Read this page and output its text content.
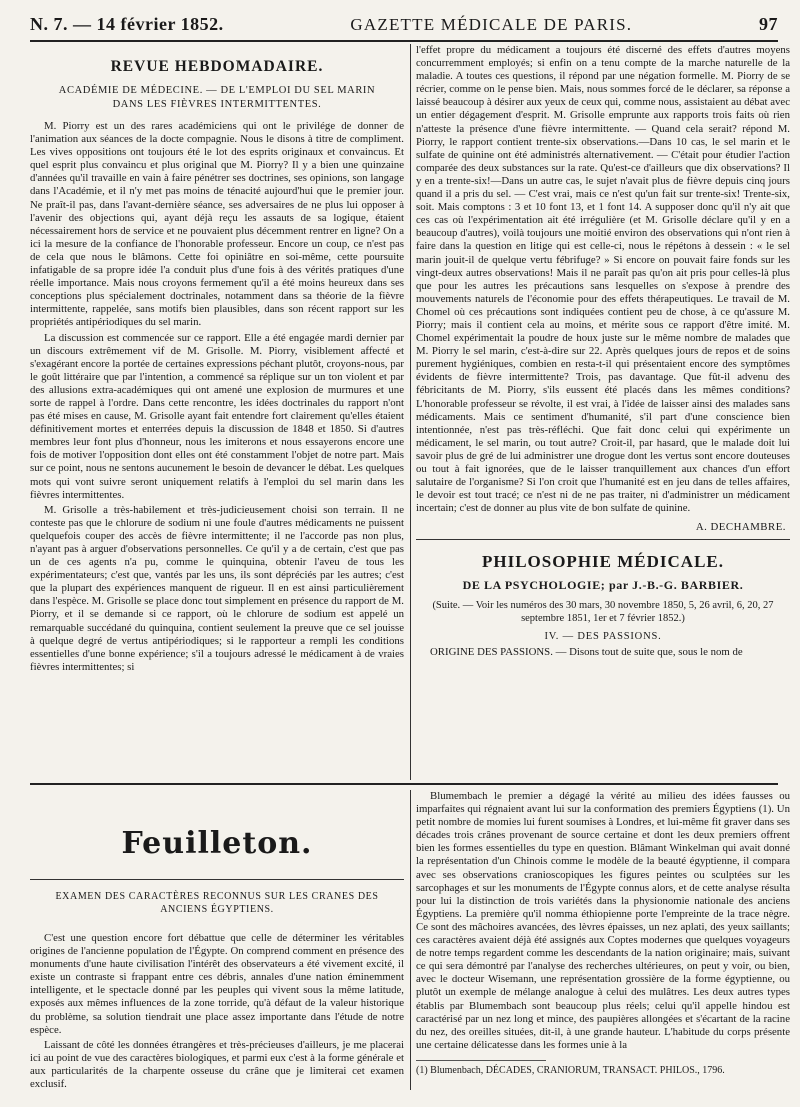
N. 7. — 14 février 1852.	GAZETTE MÉDICALE DE PARIS.	97
REVUE HEBDOMADAIRE.
ACADÉMIE DE MÉDECINE. — DE L'EMPLOI DU SEL MARIN
DANS LES FIÈVRES INTERMITTENTES.

M. Piorry est un des rares académiciens qui ont le privilége de donner de l'animation aux séances de la docte compagnie. Nous le disons à titre de compliment. Les vives oppositions ont toujours été le lot des esprits originaux et convaincus. Et quel esprit plus convaincu et plus original que M. Piorry? Il y a bien une quinzaine d'années qu'il travaille en vain à faire pénétrer ses doctrines, ses opinions, son langage dans l'Académie, et il n'y met pas moins de ténacité aujourd'hui que le premier jour. Ne praît-il pas, dans l'avant-dernière séance, ses adversaires de ne plus lui opposer à l'avenir des objections qui, ayant déjà reçu les assauts de sa logique, étaient nécessairement hors de service et ne pouvaient plus décemment rentrer en ligne? On a ici la mesure de la confiance de l'honorable professeur. Encore un coup, ce n'est pas de cela que nous le blâmons. Cette foi opiniâtre en soi-même, cette poursuite infatigable de sa propre idée l'a conduit plus d'une fois à des vérités pratiques d'une réelle importance. Mais nous croyons fermement qu'il a été moins heureux dans ses conceptions plus spécialement doctrinales, notamment dans sa théorie de la fièvre intermittente, rappelée, sans motifs bien plausibles, dans son récent rapport sur les propriétés antipériodiques du sel marin.

La discussion est commencée sur ce rapport. Elle a été engagée mardi dernier par un discours extrêmement vif de M. Grisolle. M. Piorry, visiblement affecté et s'exagérant encore la portée de certaines expressions péchant plutôt, croyons-nous, par le goût littéraire que par l'intention, a commencé sa réplique sur un ton violent et par des allusions extra-académiques qui ont amené une explosion de murmures et une sorte de rappel à l'ordre. Dans cette rencontre, les idées doctrinales du rapport n'ont pas été mises en cause, M. Grisolle ayant fait entendre fort clairement qu'elles étaient définitivement mortes et enterrées depuis la discussion de 1848 et 1850. Si d'autres membres leur font plus d'honneur, nous les imiterons et nous essayerons encore une fois de motiver l'opposition dont elles ont été constamment l'objet de notre part. Mais sur ce point, nous ne sentons aucunement le besoin de devancer le débat. Les quelques mots qui vont suivre seront uniquement relatifs à l'emploi du sel marin dans les fièvres intermittentes.

M. Grisolle a très-habilement et très-judicieusement choisi son terrain. Il ne conteste pas que le chlorure de sodium ni une foule d'autres médicaments ne puissent quelquefois couper des accès de fièvre intermittente; il ne l'accorde pas non plus, n'ayant pas à arguer d'observations personnelles. Ce qu'il y a de certain, c'est que pas un de ces agents n'a pu, comme le quinquina, obtenir l'aveu de tous les expérimentateurs; c'est que, vantés par les uns, ils sont dépréciés par les autres; c'est que la plupart des expériences manquent de rigueur. Il en est ainsi particulièrement dans l'espèce. M. Grisolle se place donc tout simplement en présence du rapport de M. Piorry, et il se demande si ce rapport, où le chlorure de sodium est appelé un remarquable succédané du quinquina, contient seulement la preuve que ce sel jouisse à quelque degré de vertus antipériodiques; si le rapporteur a rempli les conditions essentielles d'une bonne expérience; s'il a toujours adressé le médicament à de vraies fièvres intermittentes; si

l'effet propre du médicament a toujours été discerné des effets d'autres moyens concurremment employés; si enfin on a tenu compte de la marche naturelle de la maladie. A toutes ces questions, il répond par une négation formelle. M. Piorry de se récrier, comme on le pense bien. Mais, nous sommes forcé de le déclarer, sa réponse a laissé beaucoup à désirer aux yeux de ceux qui, comme nous, assistaient au débat avec un entier dégagement d'esprit. M. Grisolle emprunte aux rapports trois faits où rien n'atteste la présence d'une fièvre intermittente. — Quand cela serait? répond M. Piorry, le rapport contient trente-six observations.—Dans 10 cas, le sel marin et le sulfate de quinine ont été administrés alternativement. — C'était pour étudier l'action comparée des deux substances sur la rate. Qu'est-ce d'ailleurs que dix observations? Il y en a trente-six!—Dans un autre cas, le sujet n'avait plus de fièvre depuis cinq jours quand il a pris du sel. — C'est vrai, mais ce n'est qu'un fait sur trente-six! Trente-six, soit. Mais comptons : 3 et 10 font 13, et 1 font 14. A supposer donc qu'il n'y ait que ces cas où l'expérimentation ait été irrégulière (et M. Grisolle déclare qu'il y en a beaucoup d'autres), voilà toujours une moitié environ des observations qui n'ont rien à faire dans la question en litige qui est celle-ci, nous le répétons à dessein : « le sel marin jouit-il de quelque vertu fébrifuge? » Si encore on pouvait faire fonds sur les vingt-deux autres observations! Mais il ne paraît pas qu'on ait pris pour celles-là plus que pour les autres les précautions sans lesquelles on s'expose à prendre des mouvements naturels de l'économie pour des effets thérapeutiques. Le travail de M. Chomel où ces précautions sont indiquées contient peu de chose, à ce qu'assure M. Piorry; mais il contient cela au moins, et mérite sous ce rapport d'être imité. M. Chomel expérimentait la poudre de houx juste sur le même nombre de malades que M. Piorry le sel marin, c'est-à-dire sur 22. Après quelques jours de repos et de soins purement hygiéniques, combien en resta-t-il qui présentaient encore des symptômes évidents de fièvre intermittente? Trois, pas davantage. Que fût-il advenu des fébricitants de M. Piorry, s'ils eussent été placés dans les mêmes conditions? L'honorable professeur se révolte, il est vrai, à l'idée de laisser ainsi des malades sans médicaments. Mais ce sentiment d'humanité, s'il part d'une conscience bien intentionnée, n'est pas très-réfléchi. Que fait donc celui qui expérimente un médicament, le sel marin, ou tout autre? Croit-il, par hasard, que le malade doit lui savoir plus de gré de lui administrer une drogue dont les vertus sont encore douteuses ou tout à fait ignorées, que de le laisser tranquillement aux chances d'un effort salutaire de l'organisme? Si l'on croit que l'humanité est en jeu dans de telles affaires, le devoir est tout tracé; ce n'est ni de ne pas traiter, ni d'administrer un médicament incertain; c'est de donner au plus vite de bon sulfate de quinine.

A. DECHAMBRE.
PHILOSOPHIE MÉDICALE.
DE LA PSYCHOLOGIE; par J.-B.-G. BARBIER.
(Suite. — Voir les numéros des 30 mars, 30 novembre 1850, 5, 26 avril, 6, 20, 27 septembre 1851, 1er et 7 février 1852.)
IV. — DES PASSIONS.

ORIGINE DES PASSIONS. — Disons tout de suite que, sous le nom de

Feuilleton.
EXAMEN DES CARACTÈRES RECONNUS SUR LES CRANES DES ANCIENS ÉGYPTIENS.

C'est une question encore fort débattue que celle de déterminer les véritables origines de l'ancienne population de l'Égypte. On comprend comment en présence des monuments d'une haute civilisation l'intérêt des observateurs a été vivement excité, il existe un contraste si frappant entre ces débris, annales d'une nation éminemment intelligente, et le spectacle donné par les peuples qui vivent sous la même latitude, exposés aux mêmes influences de la zone torride, qu'à défaut de la valeur historique du problème, sa solution tiendrait une place assez importante dans l'étude de notre espèce.

Laissant de côté les données étrangères et très-précieuses d'ailleurs, je me placerai ici au point de vue des caractères biologiques, et parmi eux c'est à la forme générale et aux particularités de la charpente osseuse du crâne que je limiterai cet examen exclusif.

Blumembach le premier a dégagé la vérité au milieu des idées fausses ou imparfaites qui régnaient avant lui sur la conformation des premiers Égyptiens (1). Un petit nombre de momies lui furent soumises à Londres, et lui-même fit graver dans ses décades trois crânes provenant de source certaine et dont les deux premiers offrent bien les formes essentielles du type en question. Blâmant Winkelman qui avait donné la représentation d'un Chinois comme le modèle de la beauté égyptienne, il compara avec ses observations cranioscopiques les figures peintes ou sculptées sur les sarcophages et sur les monuments de l'Égypte connus alors, et de cette analyse résulta pour lui la distinction de trois variétés dans la physionomie nationale des anciens Égyptiens. La première qu'il nomma éthiopienne porte l'empreinte de la trace nègre. Ce sont des mâchoires avancées, des lèvres épaisses, un nez aplati, des yeux saillants; ces caractères avaient déjà été assignés aux Coptes modernes que quelques voyageurs de notre temps regardent comme les descendants de la nation originaire; mais, suivant ce qui sera démontré par l'analyse des recherches ultérieures, on peut y voir, ou bien, avec le docteur Wisemann, une représentation grossière de la forme égyptienne, ou plutôt un exemple de mélange analogue à celui des mulâtres. Les deux autres types établis par Blumembach sont beaucoup plus réels; celui qu'il appelle hindou est caractérisé par un nez long et mince, des paupières allongées et s'écartant de la racine du nez, des oreilles situées, dit-il, à une grande hauteur. L'habitude du corps présente une certaine délicatesse dans les formes unie à la

(1) Blumenbach, DÉCADES, CRANIORUM, TRANSACT. PHILOS., 1796.
